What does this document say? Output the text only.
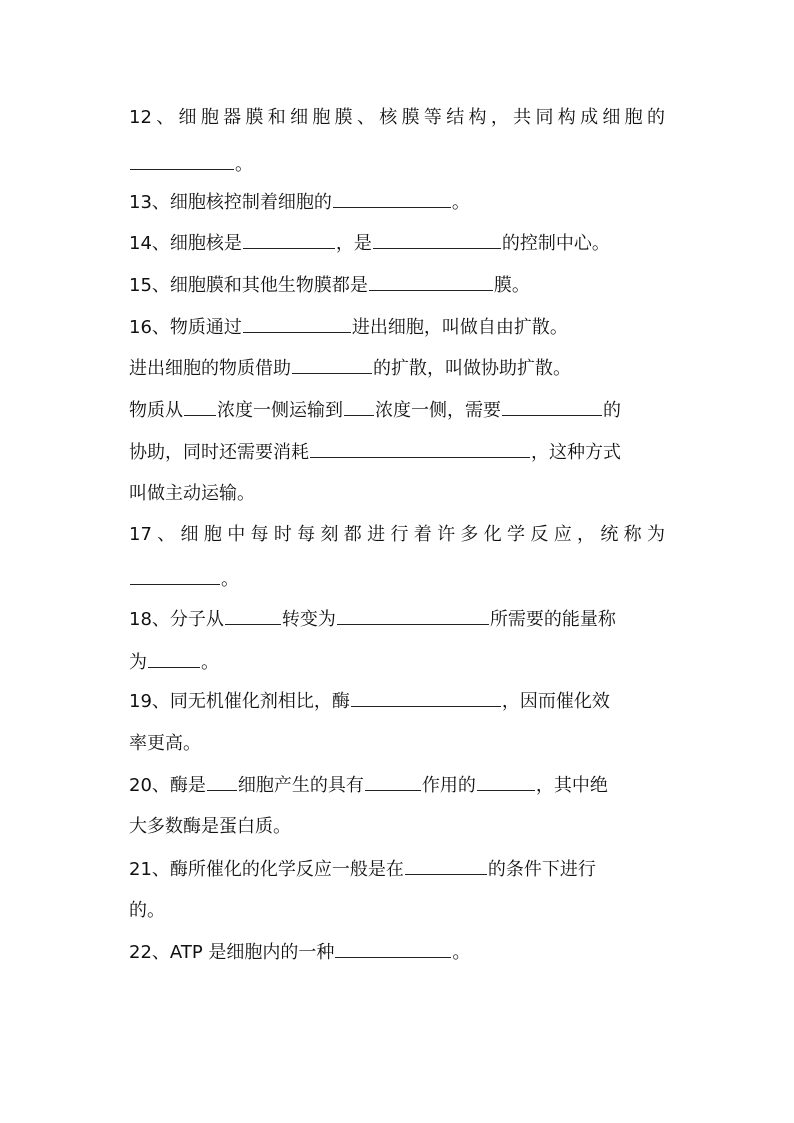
12、细胞器膜和细胞膜、核膜等结构，共同构成细胞的
。
13、细胞核控制着细胞的	。
14、细胞核是	，是	的控制中心。
15、细胞膜和其他生物膜都是	膜。
16、物质通过	进出细胞，叫做自由扩散。
进出细胞的物质借助	的扩散，叫做协助扩散。
物质从 浓度一侧运输到 浓度一侧，需要	的
协助，同时还需要消耗	，这种方式
叫做主动运输。
17、细胞中每时每刻都进行着许多化学反应，统称为
。
18、分子从	转变为	所需要的能量称
为	。
19、同无机催化剂相比，酶	，因而催化效
率更高。
20、酶是 细胞产生的具有	作用的	，其中绝
大多数酶是蛋白质。
21、酶所催化的化学反应一般是在	的条件下进行
的。
22、ATP 是细胞内的一种	。
